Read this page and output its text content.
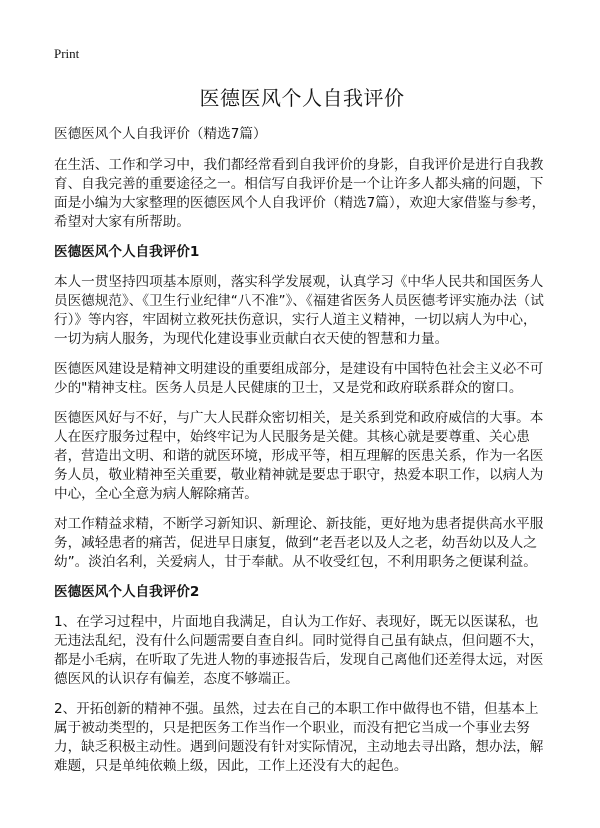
Print
医德医风个人自我评价

医德医风个人自我评价（精选7篇）

在生活、工作和学习中，我们都经常看到自我评价的身影，自我评价是进行自我教育、自我完善的重要途径之一。相信写自我评价是一个让许多人都头痛的问题，下面是小编为大家整理的医德医风个人自我评价（精选7篇），欢迎大家借鉴与参考，希望对大家有所帮助。

医德医风个人自我评价1

本人一贯坚持四项基本原则，落实科学发展观，认真学习《中华人民共和国医务人员医德规范》、《卫生行业纪律“八不准”》、《福建省医务人员医德考评实施办法（试行）》等内容，牢固树立救死扶伤意识，实行人道主义精神，一切以病人为中心，一切为病人服务，为现代化建设事业贡献白衣天使的智慧和力量。

医德医风建设是精神文明建设的重要组成部分，是建设有中国特色社会主义必不可少的"精神支柱。医务人员是人民健康的卫士，又是党和政府联系群众的窗口。

医德医风好与不好，与广大人民群众密切相关，是关系到党和政府威信的大事。本人在医疗服务过程中，始终牢记为人民服务是关健。其核心就是要尊重、关心患者，营造出文明、和谐的就医环境，形成平等，相互理解的医患关系，作为一名医务人员，敬业精神至关重要，敬业精神就是要忠于职守，热爱本职工作，以病人为中心，全心全意为病人解除痛苦。

对工作精益求精，不断学习新知识、新理论、新技能，更好地为患者提供高水平服务，减轻患者的痛苦，促进早日康复，做到“老吾老以及人之老，幼吾幼以及人之幼”。淡泊名利，关爱病人，甘于奉献。从不收受红包，不利用职务之便谋利益。

医德医风个人自我评价2

1、在学习过程中，片面地自我满足，自认为工作好、表现好，既无以医谋私，也无违法乱纪，没有什么问题需要自查自纠。同时觉得自己虽有缺点，但问题不大，都是小毛病，在听取了先进人物的事迹报告后，发现自己离他们还差得太远，对医德医风的认识存有偏差，态度不够端正。

2、开拓创新的精神不强。虽然，过去在自己的本职工作中做得也不错，但基本上属于被动类型的，只是把医务工作当作一个职业，而没有把它当成一个事业去努力，缺乏积极主动性。遇到问题没有针对实际情况，主动地去寻出路，想办法，解难题，只是单纯依赖上级，因此，工作上还没有大的起色。
